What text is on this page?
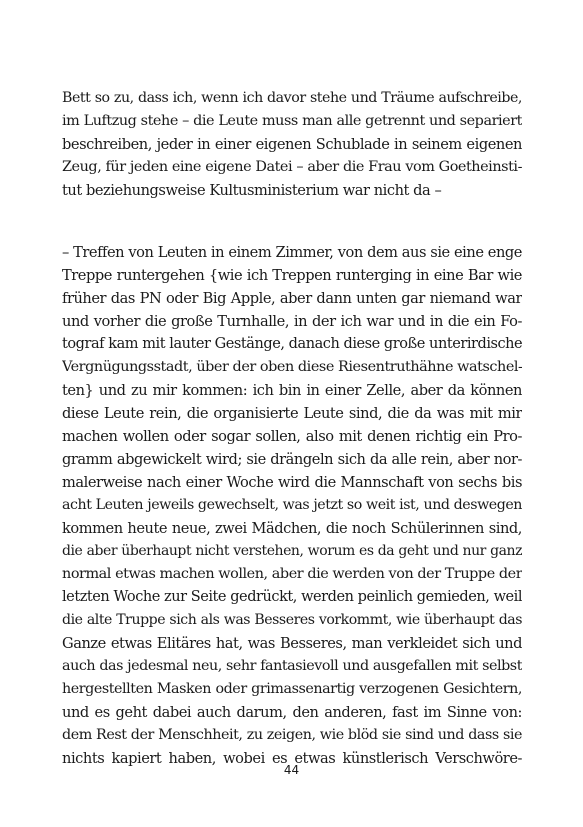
Bett so zu, dass ich, wenn ich davor stehe und Träume aufschreibe,
im Luftzug stehe – die Leute muss man alle getrennt und separiert
beschreiben, jeder in einer eigenen Schublade in seinem eigenen
Zeug, für jeden eine eigene Datei – aber die Frau vom Goetheinsti-
tut beziehungsweise Kultusministerium war nicht da –
– Treffen von Leuten in einem Zimmer, von dem aus sie eine enge
Treppe runtergehen {wie ich Treppen runterging in eine Bar wie
früher das PN oder Big Apple, aber dann unten gar niemand war
und vorher die große Turnhalle, in der ich war und in die ein Fo-
tograf kam mit lauter Gestänge, danach diese große unterirdische
Vergnügungsstadt, über der oben diese Riesentruthähne watschel-
ten} und zu mir kommen: ich bin in einer Zelle, aber da können
diese Leute rein, die organisierte Leute sind, die da was mit mir
machen wollen oder sogar sollen, also mit denen richtig ein Pro-
gramm abgewickelt wird; sie drängeln sich da alle rein, aber nor-
malerweise nach einer Woche wird die Mannschaft von sechs bis
acht Leuten jeweils gewechselt, was jetzt so weit ist, und deswegen
kommen heute neue, zwei Mädchen, die noch Schülerinnen sind,
die aber überhaupt nicht verstehen, worum es da geht und nur ganz
normal etwas machen wollen, aber die werden von der Truppe der
letzten Woche zur Seite gedrückt, werden peinlich gemieden, weil
die alte Truppe sich als was Besseres vorkommt, wie überhaupt das
Ganze etwas Elitäres hat, was Besseres, man verkleidet sich und
auch das jedesmal neu, sehr fantasievoll und ausgefallen mit selbst
hergestellten Masken oder grimassenartig verzogenen Gesichtern,
und es geht dabei auch darum, den anderen, fast im Sinne von:
dem Rest der Menschheit, zu zeigen, wie blöd sie sind und dass sie
nichts kapiert haben, wobei es etwas künstlerisch Verschwöre-
44
